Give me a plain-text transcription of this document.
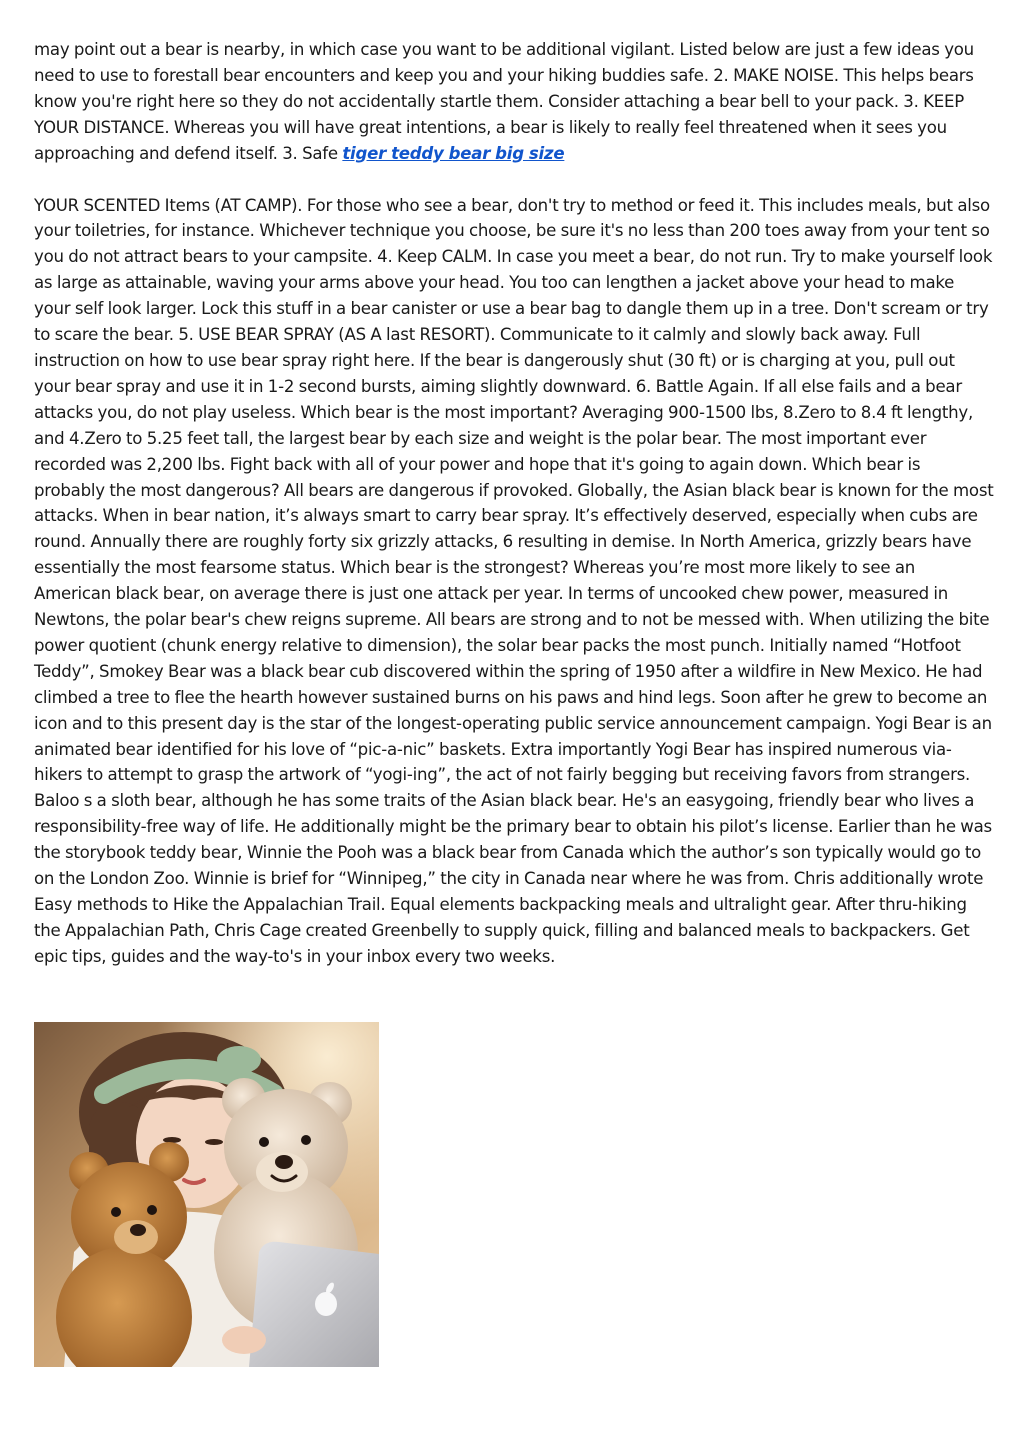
may point out a bear is nearby, in which case you want to be additional vigilant. Listed below are just a few ideas you need to use to forestall bear encounters and keep you and your hiking buddies safe. 2. MAKE NOISE. This helps bears know you're right here so they do not accidentally startle them. Consider attaching a bear bell to your pack. 3. KEEP YOUR DISTANCE. Whereas you will have great intentions, a bear is likely to really feel threatened when it sees you approaching and defend itself. 3. Safe tiger teddy bear big size

YOUR SCENTED Items (AT CAMP). For those who see a bear, don't try to method or feed it. This includes meals, but also your toiletries, for instance. Whichever technique you choose, be sure it's no less than 200 toes away from your tent so you do not attract bears to your campsite. 4. Keep CALM. In case you meet a bear, do not run. Try to make yourself look as large as attainable, waving your arms above your head. You too can lengthen a jacket above your head to make your self look larger. Lock this stuff in a bear canister or use a bear bag to dangle them up in a tree. Don't scream or try to scare the bear. 5. USE BEAR SPRAY (AS A last RESORT). Communicate to it calmly and slowly back away. Full instruction on how to use bear spray right here. If the bear is dangerously shut (30 ft) or is charging at you, pull out your bear spray and use it in 1-2 second bursts, aiming slightly downward. 6. Battle Again. If all else fails and a bear attacks you, do not play useless. Which bear is the most important? Averaging 900-1500 lbs, 8.Zero to 8.4 ft lengthy, and 4.Zero to 5.25 feet tall, the largest bear by each size and weight is the polar bear. The most important ever recorded was 2,200 lbs. Fight back with all of your power and hope that it's going to again down. Which bear is probably the most dangerous? All bears are dangerous if provoked. Globally, the Asian black bear is known for the most attacks. When in bear nation, it’s always smart to carry bear spray. It’s effectively deserved, especially when cubs are round. Annually there are roughly forty six grizzly attacks, 6 resulting in demise. In North America, grizzly bears have essentially the most fearsome status. Which bear is the strongest? Whereas you’re most more likely to see an American black bear, on average there is just one attack per year. In terms of uncooked chew power, measured in Newtons, the polar bear's chew reigns supreme. All bears are strong and to not be messed with. When utilizing the bite power quotient (chunk energy relative to dimension), the solar bear packs the most punch. Initially named “Hotfoot Teddy”, Smokey Bear was a black bear cub discovered within the spring of 1950 after a wildfire in New Mexico. He had climbed a tree to flee the hearth however sustained burns on his paws and hind legs. Soon after he grew to become an icon and to this present day is the star of the longest-operating public service announcement campaign. Yogi Bear is an animated bear identified for his love of “pic-a-nic” baskets. Extra importantly Yogi Bear has inspired numerous via-hikers to attempt to grasp the artwork of “yogi-ing”, the act of not fairly begging but receiving favors from strangers. Baloo s a sloth bear, although he has some traits of the Asian black bear. He's an easygoing, friendly bear who lives a responsibility-free way of life. He additionally might be the primary bear to obtain his pilot’s license. Earlier than he was the storybook teddy bear, Winnie the Pooh was a black bear from Canada which the author’s son typically would go to on the London Zoo. Winnie is brief for “Winnipeg,” the city in Canada near where he was from. Chris additionally wrote Easy methods to Hike the Appalachian Trail. Equal elements backpacking meals and ultralight gear. After thru-hiking the Appalachian Path, Chris Cage created Greenbelly to supply quick, filling and balanced meals to backpackers. Get epic tips, guides and the way-to's in your inbox every two weeks.
